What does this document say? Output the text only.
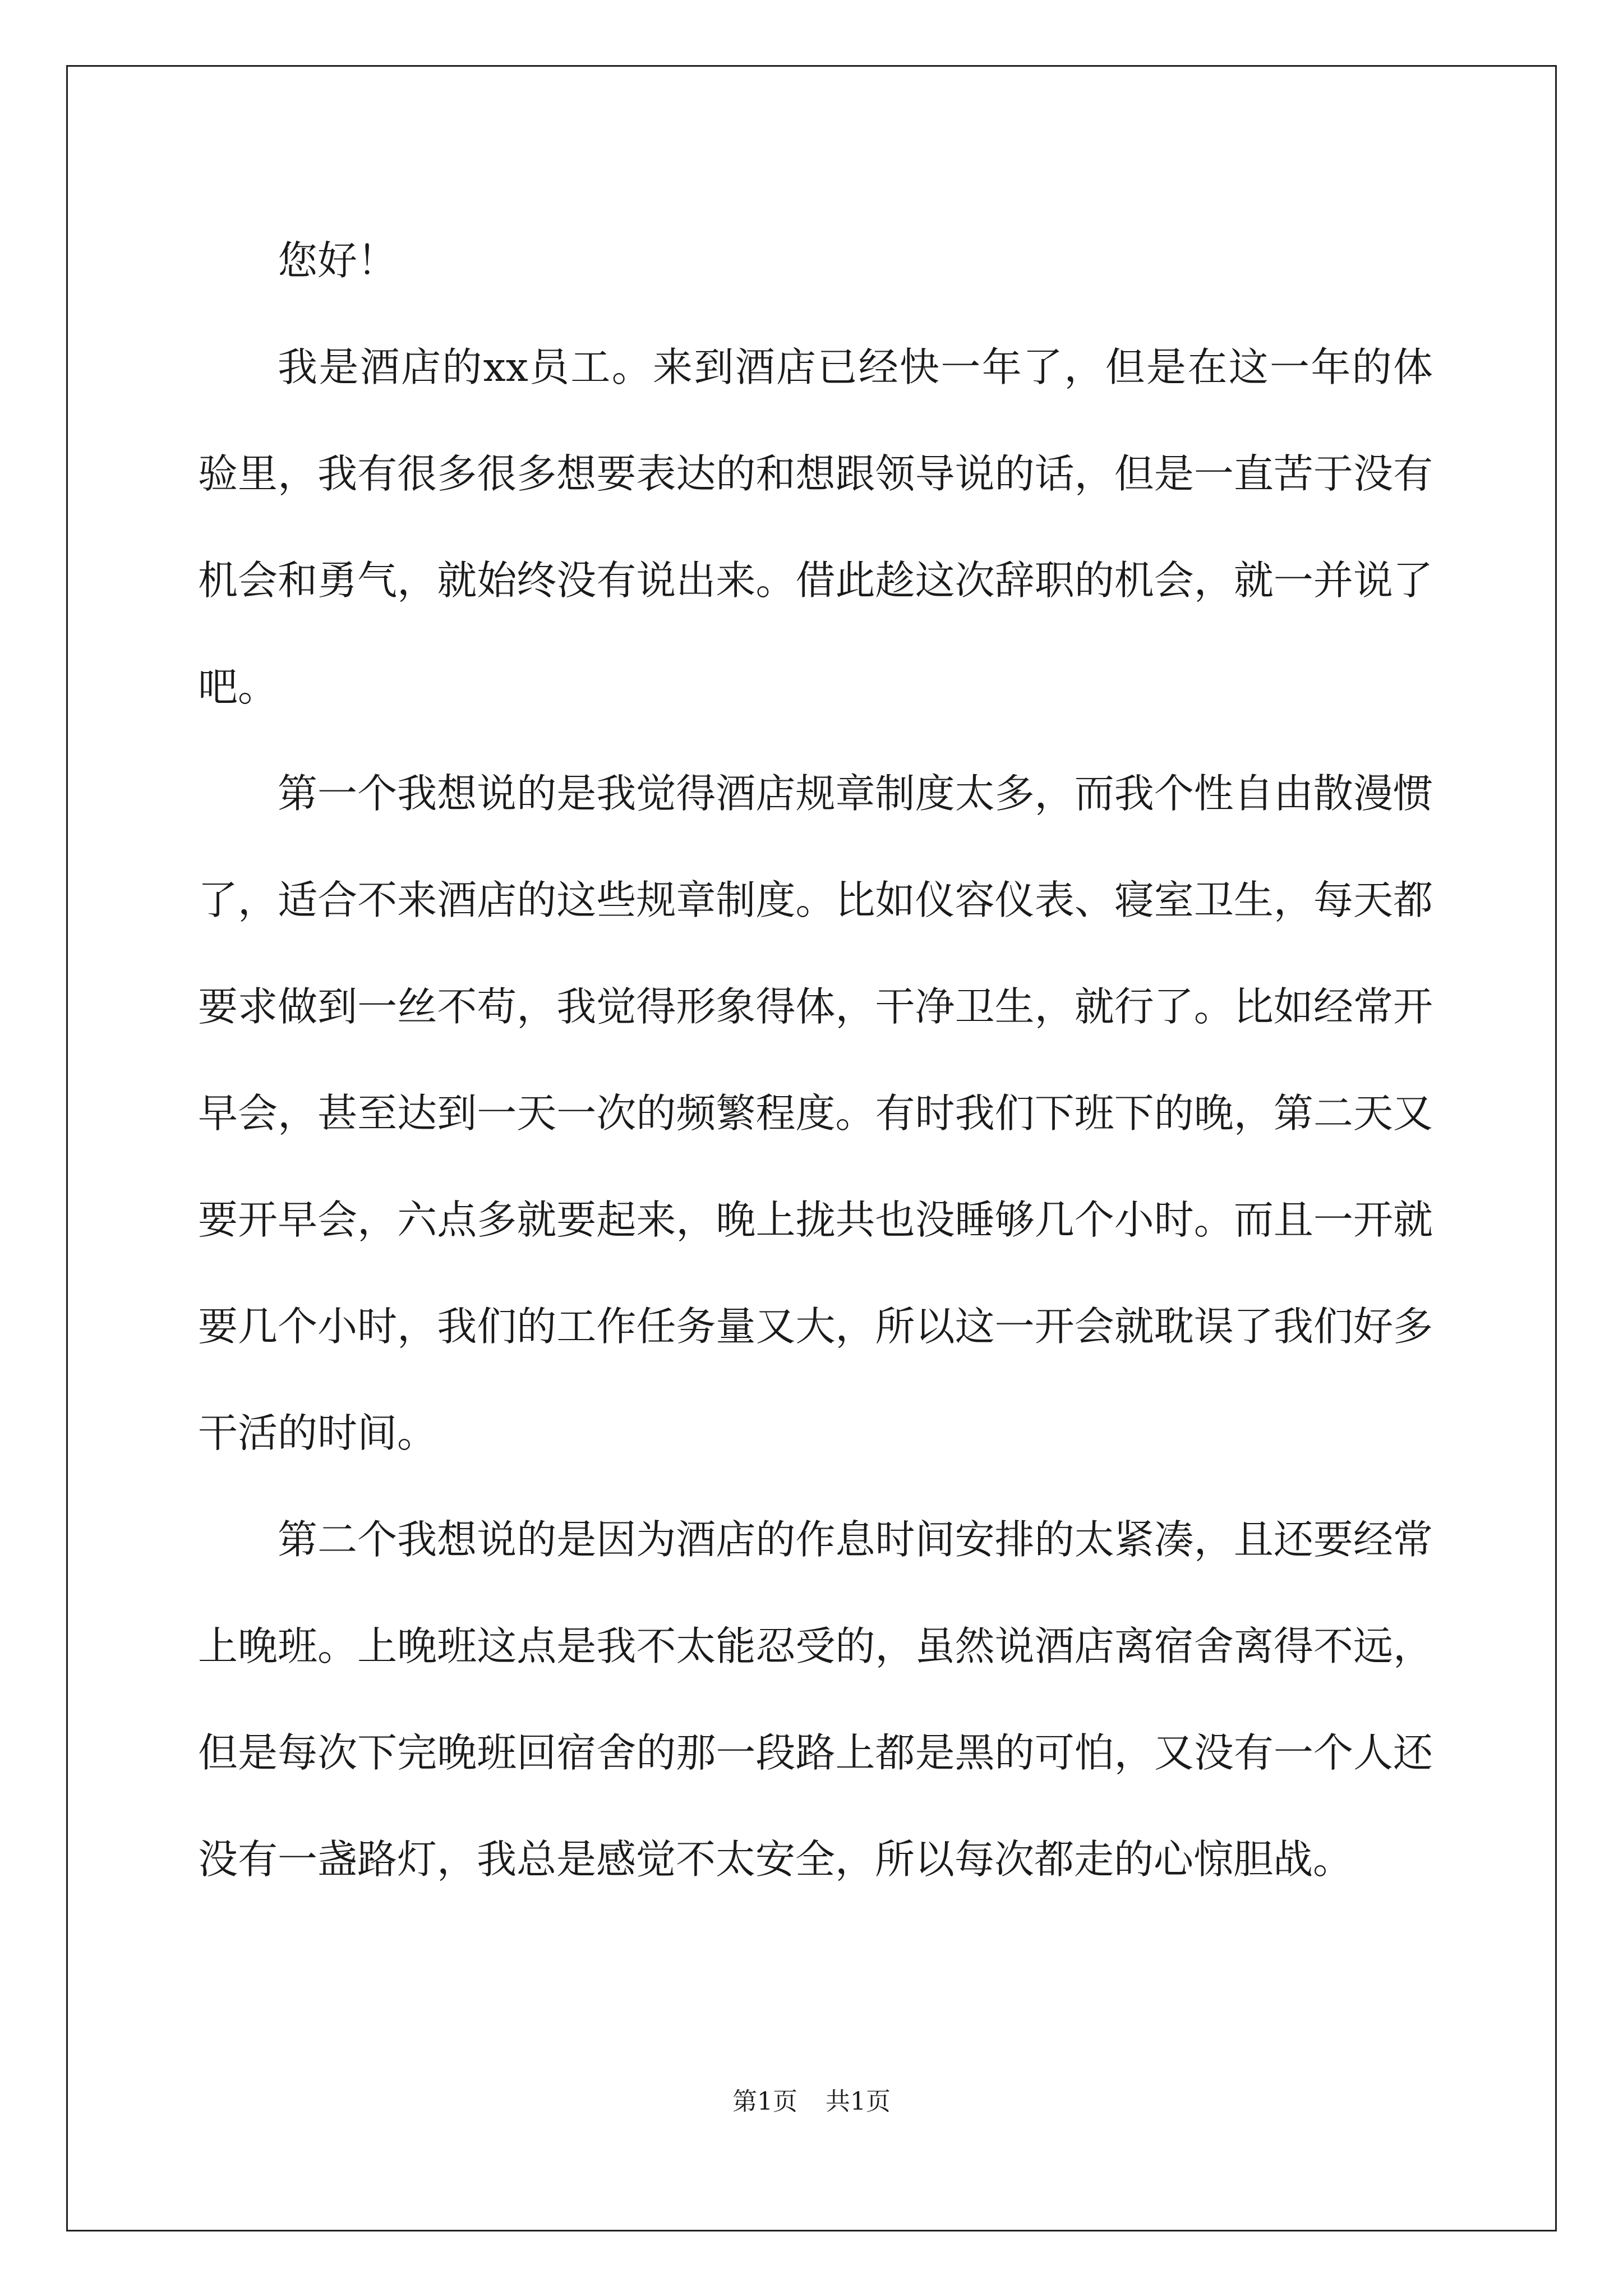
您好！

我是酒店的xx员工。来到酒店已经快一年了，但是在这一年的体验里，我有很多很多想要表达的和想跟领导说的话，但是一直苦于没有机会和勇气，就始终没有说出来。借此趁这次辞职的机会，就一并说了吧。

第一个我想说的是我觉得酒店规章制度太多，而我个性自由散漫惯了，适合不来酒店的这些规章制度。比如仪容仪表、寝室卫生，每天都要求做到一丝不苟，我觉得形象得体，干净卫生，就行了。比如经常开早会，甚至达到一天一次的频繁程度。有时我们下班下的晚，第二天又要开早会，六点多就要起来，晚上拢共也没睡够几个小时。而且一开就要几个小时，我们的工作任务量又大，所以这一开会就耽误了我们好多干活的时间。

第二个我想说的是因为酒店的作息时间安排的太紧凑，且还要经常上晚班。上晚班这点是我不太能忍受的，虽然说酒店离宿舍离得不远，但是每次下完晚班回宿舍的那一段路上都是黑的可怕，又没有一个人还没有一盏路灯，我总是感觉不太安全，所以每次都走的心惊胆战。

第1页 共1页
